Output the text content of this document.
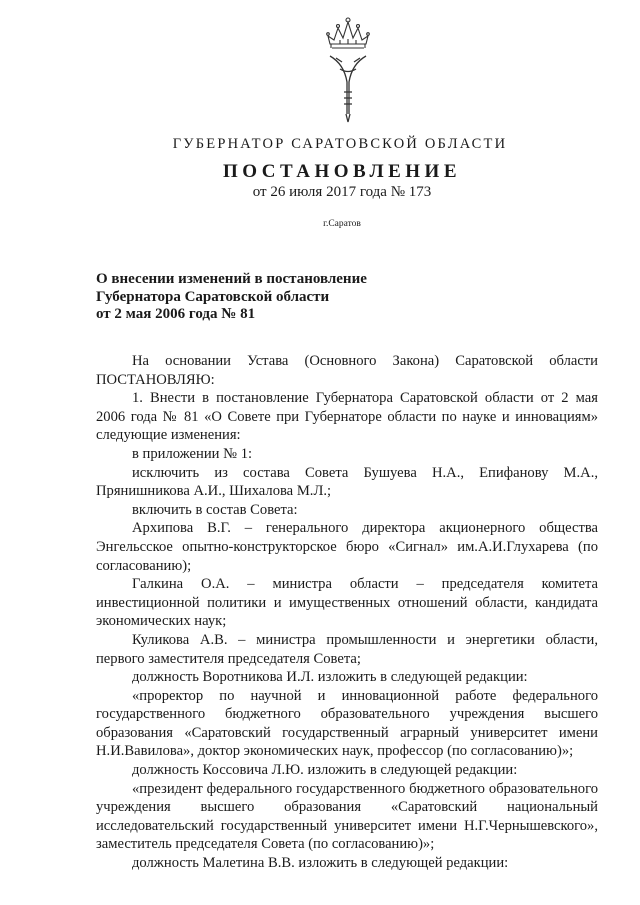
ГУБЕРНАТОР САРАТОВСКОЙ ОБЛАСТИ
ПОСТАНОВЛЕНИЕ
от 26 июля 2017 года № 173
г.Саратов
О внесении изменений в постановление
Губернатора Саратовской области
от 2 мая 2006 года № 81
На основании Устава (Основного Закона) Саратовской области
ПОСТАНОВЛЯЮ:
1. Внести в постановление Губернатора Саратовской области от 2 мая 2006 года № 81 «О Совете при Губернаторе области по науке и инновациям» следующие изменения:
в приложении № 1:
исключить из состава Совета Бушуева Н.А., Епифанову М.А., Прянишникова А.И., Шихалова М.Л.;
включить в состав Совета:
Архипова В.Г. – генерального директора акционерного общества Энгельсское опытно-конструкторское бюро «Сигнал» им.А.И.Глухарева (по согласованию);
Галкина О.А. – министра области – председателя комитета инвестиционной политики и имущественных отношений области, кандидата экономических наук;
Куликова А.В. – министра промышленности и энергетики области, первого заместителя председателя Совета;
должность Воротникова И.Л. изложить в следующей редакции:
«проректор по научной и инновационной работе федерального государственного бюджетного образовательного учреждения высшего образования «Саратовский государственный аграрный университет имени Н.И.Вавилова», доктор экономических наук, профессор (по согласованию)»;
должность Коссовича Л.Ю. изложить в следующей редакции:
«президент федерального государственного бюджетного образовательного учреждения высшего образования «Саратовский национальный исследовательский государственный университет имени Н.Г.Чернышевского», заместитель председателя Совета (по согласованию)»;
должность Малетина В.В. изложить в следующей редакции:
